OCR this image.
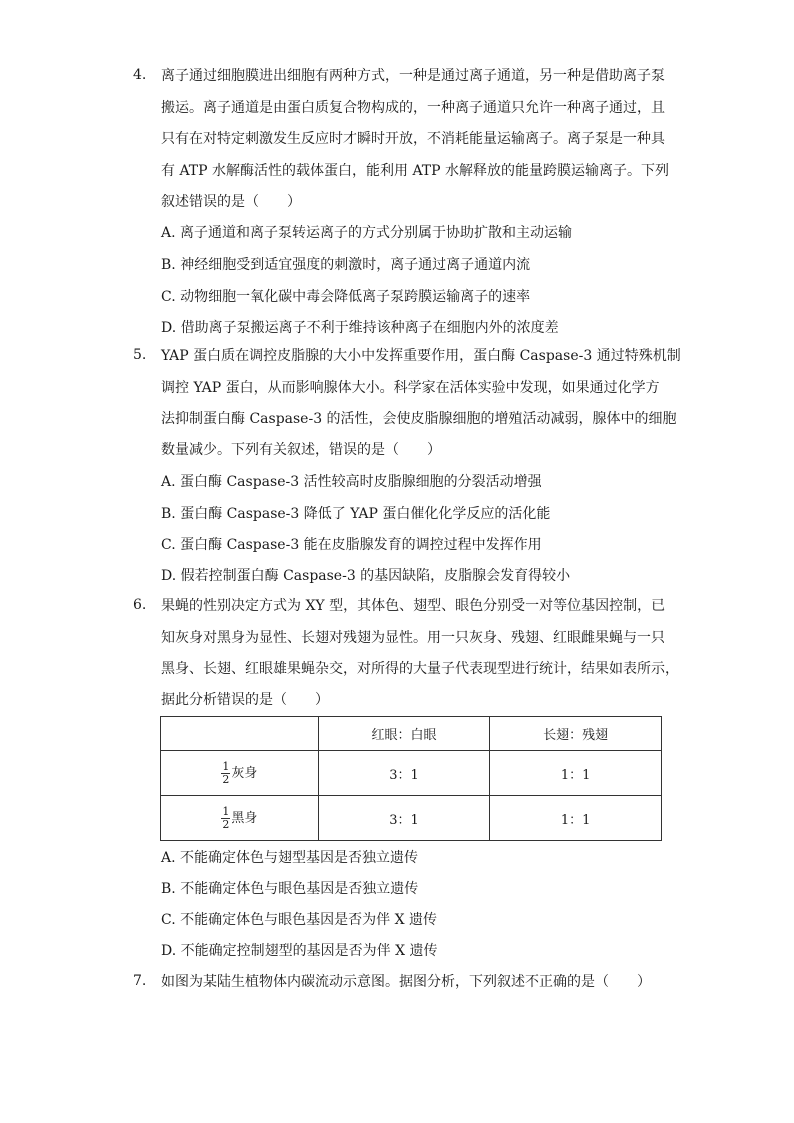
4.	离子通过细胞膜进出细胞有两种方式，一种是通过离子通道，另一种是借助离子泵
搬运。离子通道是由蛋白质复合物构成的，一种离子通道只允许一种离子通过，且
只有在对特定刺激发生反应时才瞬时开放，不消耗能量运输离子。离子泵是一种具
有 ATP 水解酶活性的载体蛋白，能利用 ATP 水解释放的能量跨膜运输离子。下列
叙述错误的是（　　）
A. 离子通道和离子泵转运离子的方式分别属于协助扩散和主动运输
B. 神经细胞受到适宜强度的刺激时，离子通过离子通道内流
C. 动物细胞一氧化碳中毒会降低离子泵跨膜运输离子的速率
D. 借助离子泵搬运离子不利于维持该种离子在细胞内外的浓度差
5.	YAP 蛋白质在调控皮脂腺的大小中发挥重要作用，蛋白酶 Caspase-3 通过特殊机制
调控 YAP 蛋白，从而影响腺体大小。科学家在活体实验中发现，如果通过化学方
法抑制蛋白酶 Caspase-3 的活性，会使皮脂腺细胞的增殖活动减弱，腺体中的细胞
数量减少。下列有关叙述，错误的是（　　）
A. 蛋白酶 Caspase-3 活性较高时皮脂腺细胞的分裂活动增强
B. 蛋白酶 Caspase-3 降低了 YAP 蛋白催化化学反应的活化能
C. 蛋白酶 Caspase-3 能在皮脂腺发育的调控过程中发挥作用
D. 假若控制蛋白酶 Caspase-3 的基因缺陷，皮脂腺会发育得较小
6.	果蝇的性别决定方式为 XY 型，其体色、翅型、眼色分别受一对等位基因控制，已
知灰身对黑身为显性、长翅对残翅为显性。用一只灰身、残翅、红眼雌果蝇与一只
黑身、长翅、红眼雄果蝇杂交，对所得的大量子代表现型进行统计，结果如表所示，
据此分析错误的是（　　）
	红眼：白眼	长翅：残翅

$\frac{1}{2}$ 灰身	3：1	1：1

$\frac{1}{2}$ 黑身	3：1	1：1
A. 不能确定体色与翅型基因是否独立遗传
B. 不能确定体色与眼色基因是否独立遗传
C. 不能确定体色与眼色基因是否为伴 X 遗传
D. 不能确定控制翅型的基因是否为伴 X 遗传
7.	如图为某陆生植物体内碳流动示意图。据图分析，下列叙述不正确的是（　　）
